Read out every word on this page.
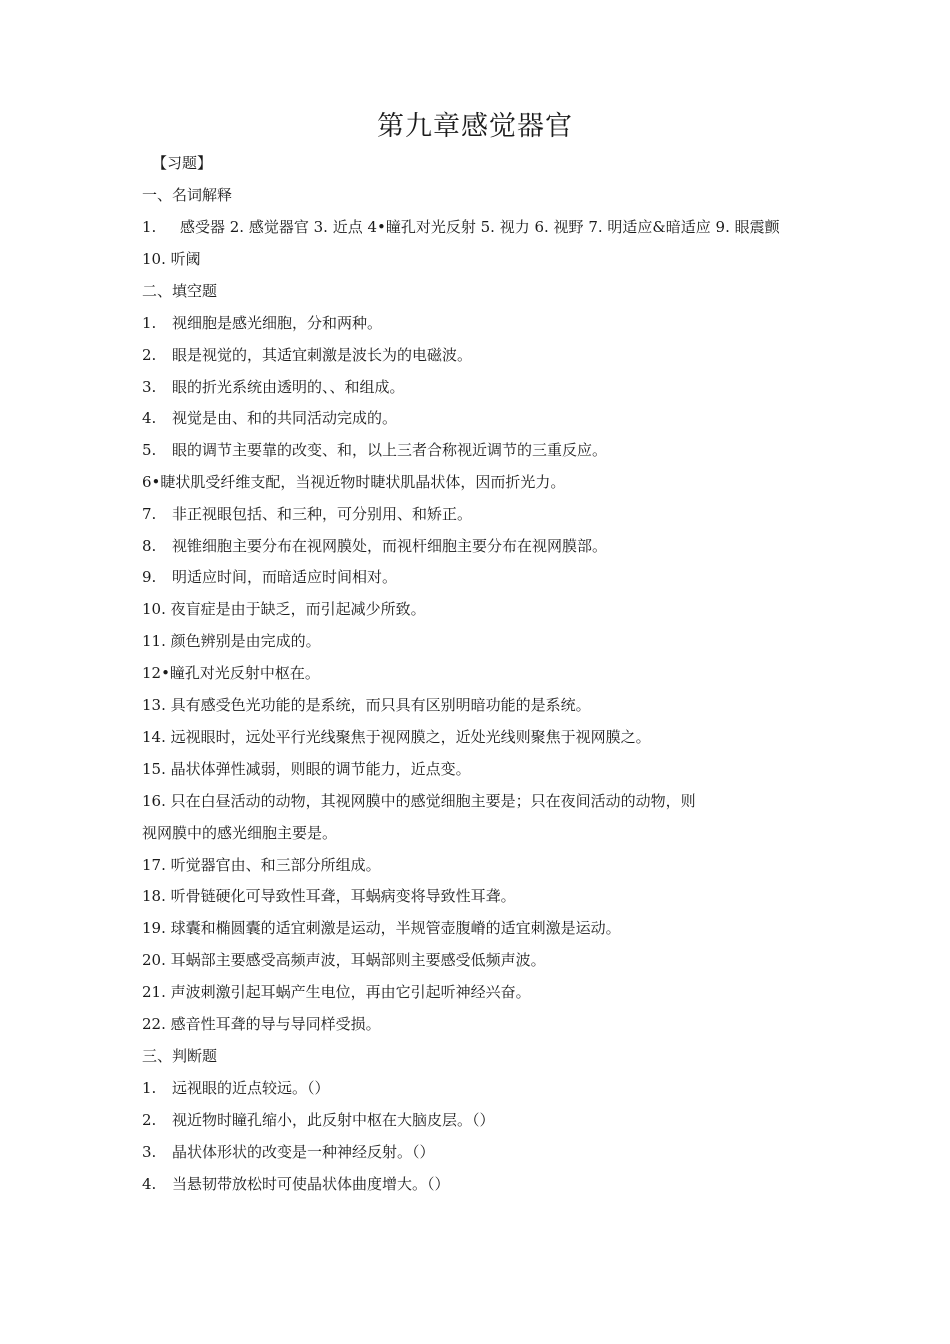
第九章感觉器官
【习题】
一、名词解释
1. 感受器 2. 感觉器官 3. 近点 4•瞳孔对光反射 5. 视力 6. 视野 7. 明适应&暗适应 9. 眼震颤
10. 听阈
二、填空题
1. 视细胞是感光细胞，分和两种。
2. 眼是视觉的，其适宜刺激是波长为的电磁波。
3. 眼的折光系统由透明的、、和组成。
4. 视觉是由、和的共同活动完成的。
5. 眼的调节主要靠的改变、和，以上三者合称视近调节的三重反应。
6•睫状肌受纤维支配，当视近物时睫状肌晶状体，因而折光力。
7. 非正视眼包括、和三种，可分别用、和矫正。
8. 视锥细胞主要分布在视网膜处，而视杆细胞主要分布在视网膜部。
9. 明适应时间，而暗适应时间相对。
10. 夜盲症是由于缺乏，而引起减少所致。
11. 颜色辨别是由完成的。
12•瞳孔对光反射中枢在。
13. 具有感受色光功能的是系统，而只具有区别明暗功能的是系统。
14. 远视眼时，远处平行光线聚焦于视网膜之，近处光线则聚焦于视网膜之。
15. 晶状体弹性减弱，则眼的调节能力，近点变。
16. 只在白昼活动的动物，其视网膜中的感觉细胞主要是；只在夜间活动的动物，则
视网膜中的感光细胞主要是。
17. 听觉器官由、和三部分所组成。
18. 听骨链硬化可导致性耳聋，耳蜗病变将导致性耳聋。
19. 球囊和椭圆囊的适宜刺激是运动，半规管壶腹嵴的适宜刺激是运动。
20. 耳蜗部主要感受高频声波，耳蜗部则主要感受低频声波。
21. 声波刺激引起耳蜗产生电位，再由它引起听神经兴奋。
22. 感音性耳聋的导与导同样受损。
三、判断题
1. 远视眼的近点较远。（）
2. 视近物时瞳孔缩小，此反射中枢在大脑皮层。（）
3. 晶状体形状的改变是一种神经反射。（）
4. 当悬韧带放松时可使晶状体曲度增大。（）
